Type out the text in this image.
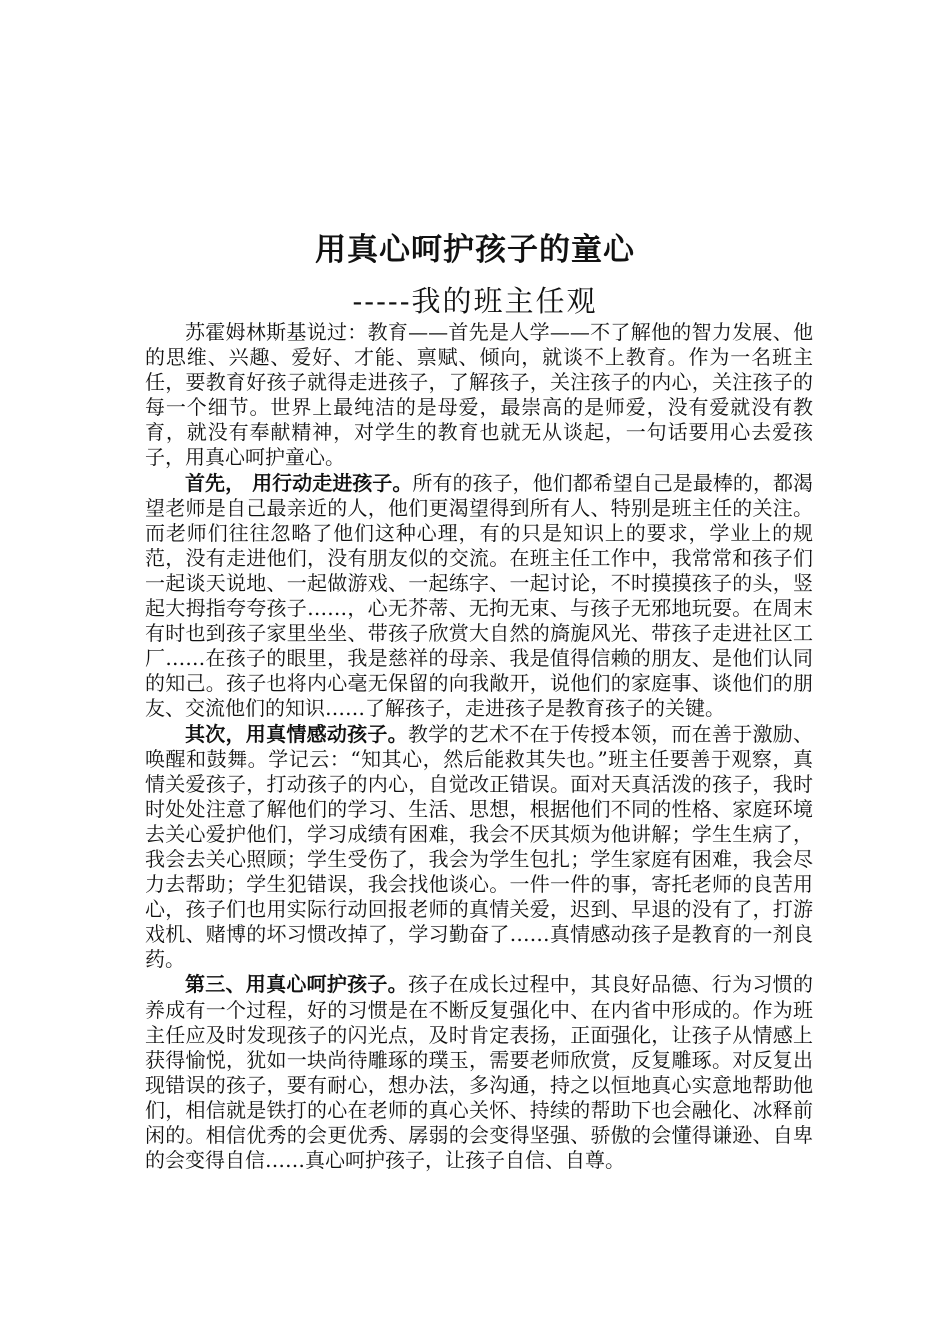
用真心呵护孩子的童心
-----我的班主任观

苏霍姆林斯基说过：教育——首先是人学——不了解他的智力发展、他的思维、兴趣、爱好、才能、禀赋、倾向，就谈不上教育。作为一名班主任，要教育好孩子就得走进孩子，了解孩子，关注孩子的内心，关注孩子的每一个细节。世界上最纯洁的是母爱，最崇高的是师爱，没有爱就没有教育，就没有奉献精神，对学生的教育也就无从谈起，一句话要用心去爱孩子，用真心呵护童心。

首先， 用行动走进孩子。所有的孩子，他们都希望自己是最棒的，都渴望老师是自己最亲近的人，他们更渴望得到所有人、特别是班主任的关注。而老师们往往忽略了他们这种心理，有的只是知识上的要求，学业上的规范，没有走进他们，没有朋友似的交流。在班主任工作中，我常常和孩子们一起谈天说地、一起做游戏、一起练字、一起讨论，不时摸摸孩子的头，竖起大拇指夸夸孩子……，心无芥蒂、无拘无束、与孩子无邪地玩耍。在周末有时也到孩子家里坐坐、带孩子欣赏大自然的旖旎风光、带孩子走进社区工厂……在孩子的眼里，我是慈祥的母亲、我是值得信赖的朋友、是他们认同的知己。孩子也将内心毫无保留的向我敞开，说他们的家庭事、谈他们的朋友、交流他们的知识……了解孩子，走进孩子是教育孩子的关键。

其次，用真情感动孩子。教学的艺术不在于传授本领，而在善于激励、唤醒和鼓舞。学记云：“知其心，然后能救其失也。”班主任要善于观察，真情关爱孩子，打动孩子的内心，自觉改正错误。面对天真活泼的孩子，我时时处处注意了解他们的学习、生活、思想，根据他们不同的性格、家庭环境去关心爱护他们，学习成绩有困难，我会不厌其烦为他讲解；学生生病了，我会去关心照顾；学生受伤了，我会为学生包扎；学生家庭有困难，我会尽力去帮助；学生犯错误，我会找他谈心。一件一件的事，寄托老师的良苦用心，孩子们也用实际行动回报老师的真情关爱，迟到、早退的没有了，打游戏机、赌博的坏习惯改掉了，学习勤奋了……真情感动孩子是教育的一剂良药。

第三、用真心呵护孩子。孩子在成长过程中，其良好品德、行为习惯的养成有一个过程，好的习惯是在不断反复强化中、在内省中形成的。作为班主任应及时发现孩子的闪光点，及时肯定表扬，正面强化，让孩子从情感上获得愉悦，犹如一块尚待雕琢的璞玉，需要老师欣赏，反复雕琢。对反复出现错误的孩子，要有耐心，想办法，多沟通，持之以恒地真心实意地帮助他们，相信就是铁打的心在老师的真心关怀、持续的帮助下也会融化、冰释前闲的。相信优秀的会更优秀、孱弱的会变得坚强、骄傲的会懂得谦逊、自卑的会变得自信……真心呵护孩子，让孩子自信、自尊。
